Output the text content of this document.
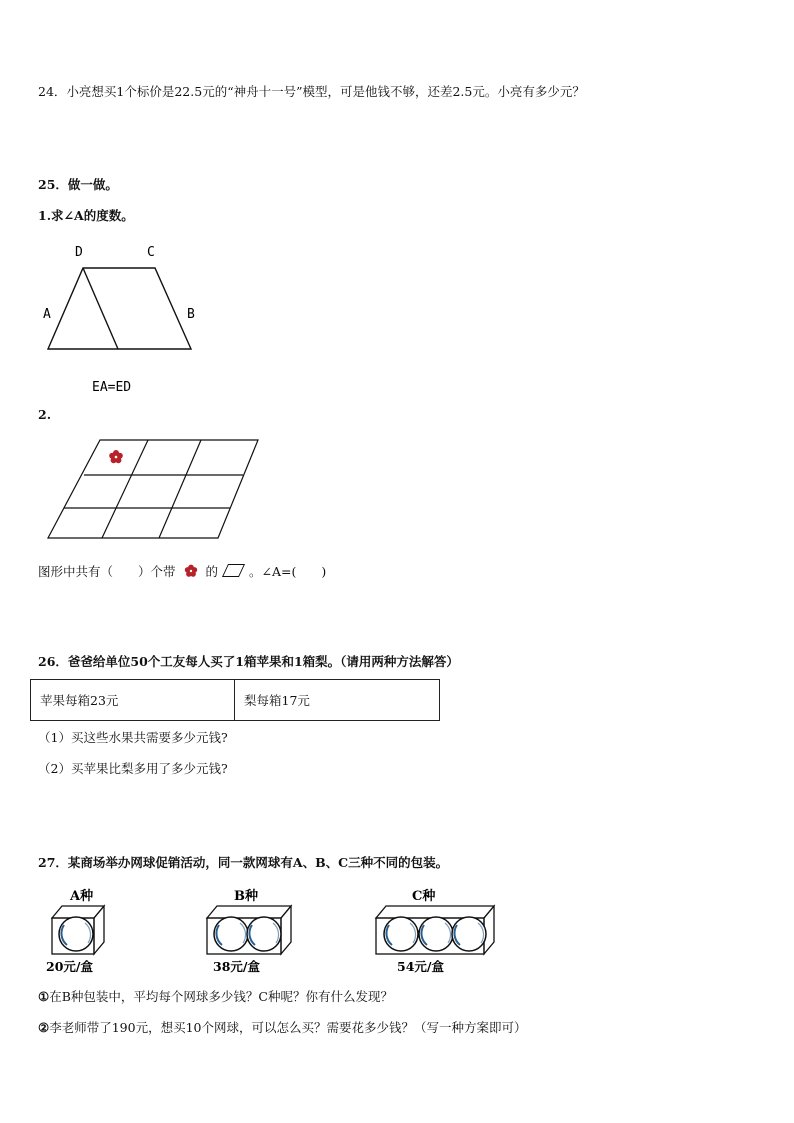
24．小亮想买1个标价是22.5元的“神舟十一号”模型，可是他钱不够，还差2.5元。小亮有多少元？
25．做一做。
1.求∠A的度数。
D	C
A	B
EA=ED
2.
图形中共有（　　）个带 的 。∠A=(　　)
26．爸爸给单位50个工友每人买了1箱苹果和1箱梨。（请用两种方法解答）
苹果每箱23元	梨每箱17元
（1）买这些水果共需要多少元钱?
（2）买苹果比梨多用了多少元钱?
27．某商场举办网球促销活动，同一款网球有A、B、C三种不同的包装。
A种
20元/盒
B种
38元/盒
C种
54元/盒
①在B种包装中，平均每个网球多少钱？C种呢？你有什么发现？
②李老师带了190元，想买10个网球，可以怎么买？需要花多少钱？（写一种方案即可）
